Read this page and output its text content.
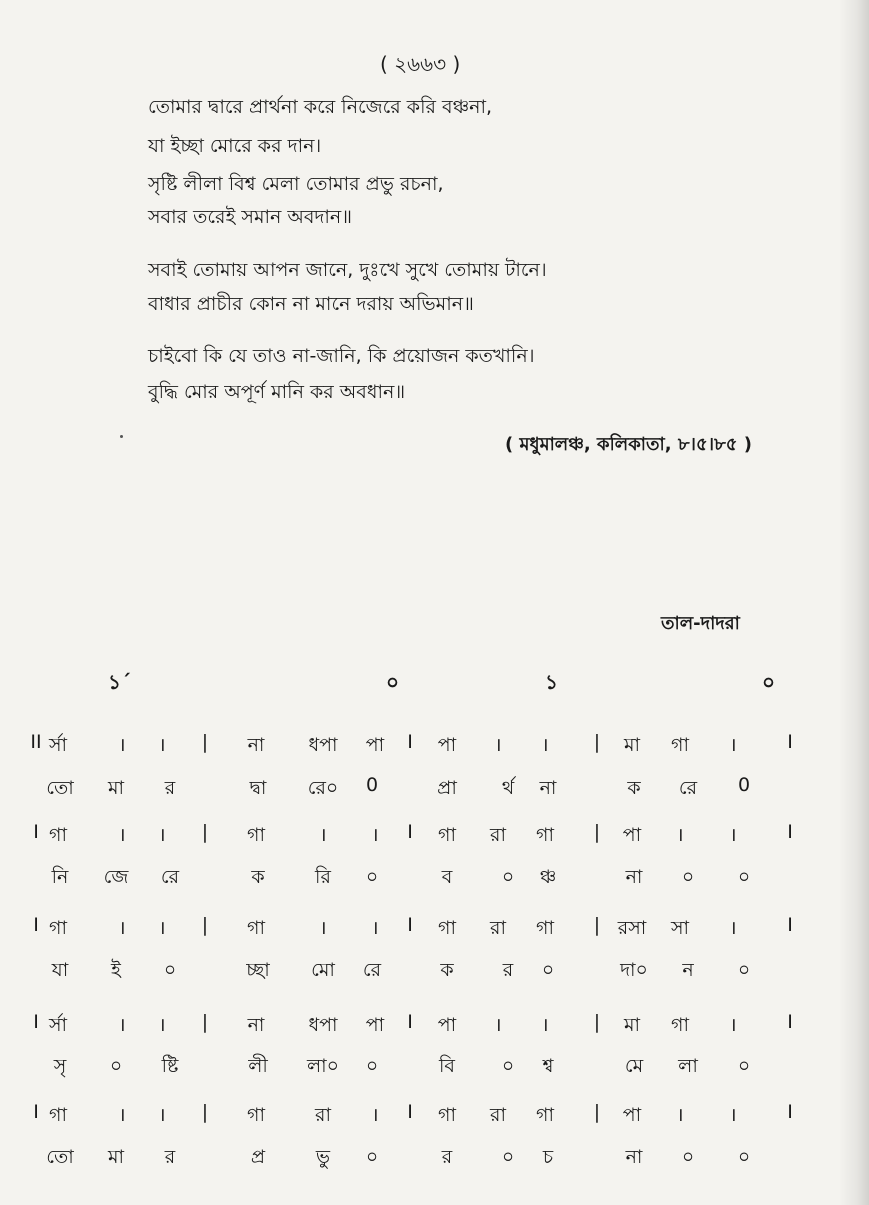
( ২৬৬৩ )
তোমার দ্বারে প্রার্থনা করে নিজেরে করি বঞ্চনা,
যা ইচ্ছা মোরে কর দান।
সৃষ্টি লীলা বিশ্ব মেলা তোমার প্রভু রচনা,
সবার তরেই সমান অবদান॥
সবাই তোমায় আপন জানে, দুঃখে সুখে তোমায় টানে।
বাধার প্রাচীর কোন না মানে দরায় অভিমান॥
চাইবো কি যে তাও না-জানি, কি প্রয়োজন কতখানি।
বুদ্ধি মোর অপূর্ণ মানি কর অবধান॥
( মধুমালঞ্চ, কলিকাতা, ৮।৫।৮৫ )
তাল-দাদরা
১´	০	১	০
II র্সা	। । | না ধপা পা I পা । । | মা গা ।	I
তো মা র	দ্বা রে০ 0	প্রা র্থ না	ক রে 0
I গা	। । | গা	। । I গা রা গা | পা । ।	I
নি জে রে	ক	রি ০	ব	০ ঞ্চ	না ০ ০
I গা	। । | গা	। । I গা রা গা | রসা সা ।	I
যা ই ০	চ্ছা মো রে	ক	র ০	দা০ ন ০
I র্সা	। । | না ধপা পা I পা । । | মা গা ।	I
সৃ ০ ষ্টি	লী লা০ ০	বি ০ শ্ব	মে লা ০
I গা	। । | গা	রা । I গা রা গা | পা । ।	I
তো মা র	প্র	ভু ০	র	০ চ	না ০ ০
